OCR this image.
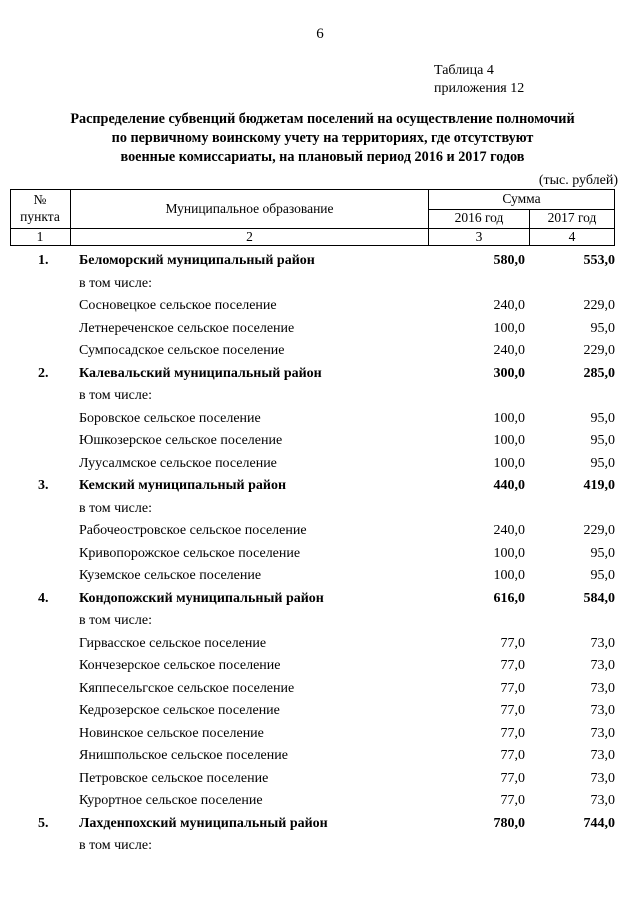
6
Таблица 4
приложения 12
Распределение субвенций бюджетам поселений на осуществление полномочий
по первичному воинскому учету на территориях, где отсутствуют
военные комиссариаты, на плановый период 2016 и 2017 годов
(тыс. рублей)
№
пункта
Муниципальное образование
Сумма
2016 год	2017 год
1	2	3	4
1. Беломорский муниципальный район	580,0	553,0
в том числе:
Сосновецкое сельское поселение	240,0	229,0
Летнереченское сельское поселение	100,0	95,0
Сумпосадское сельское поселение	240,0	229,0
2. Калевальский муниципальный район	300,0	285,0
в том числе:
Боровское сельское поселение	100,0	95,0
Юшкозерское сельское поселение	100,0	95,0
Луусалмское сельское поселение	100,0	95,0
3. Кемский муниципальный район	440,0	419,0
в том числе:
Рабочеостровское сельское поселение	240,0	229,0
Кривопорожское сельское поселение	100,0	95,0
Куземское сельское поселение	100,0	95,0
4. Кондопожский муниципальный район	616,0	584,0
в том числе:
Гирвасское сельское поселение	77,0	73,0
Кончезерское сельское поселение	77,0	73,0
Кяппесельгское сельское поселение	77,0	73,0
Кедрозерское сельское поселение	77,0	73,0
Новинское сельское поселение	77,0	73,0
Янишпольское сельское поселение	77,0	73,0
Петровское сельское поселение	77,0	73,0
Курортное сельское поселение	77,0	73,0
5. Лахденпохский муниципальный район	780,0	744,0
в том числе:
